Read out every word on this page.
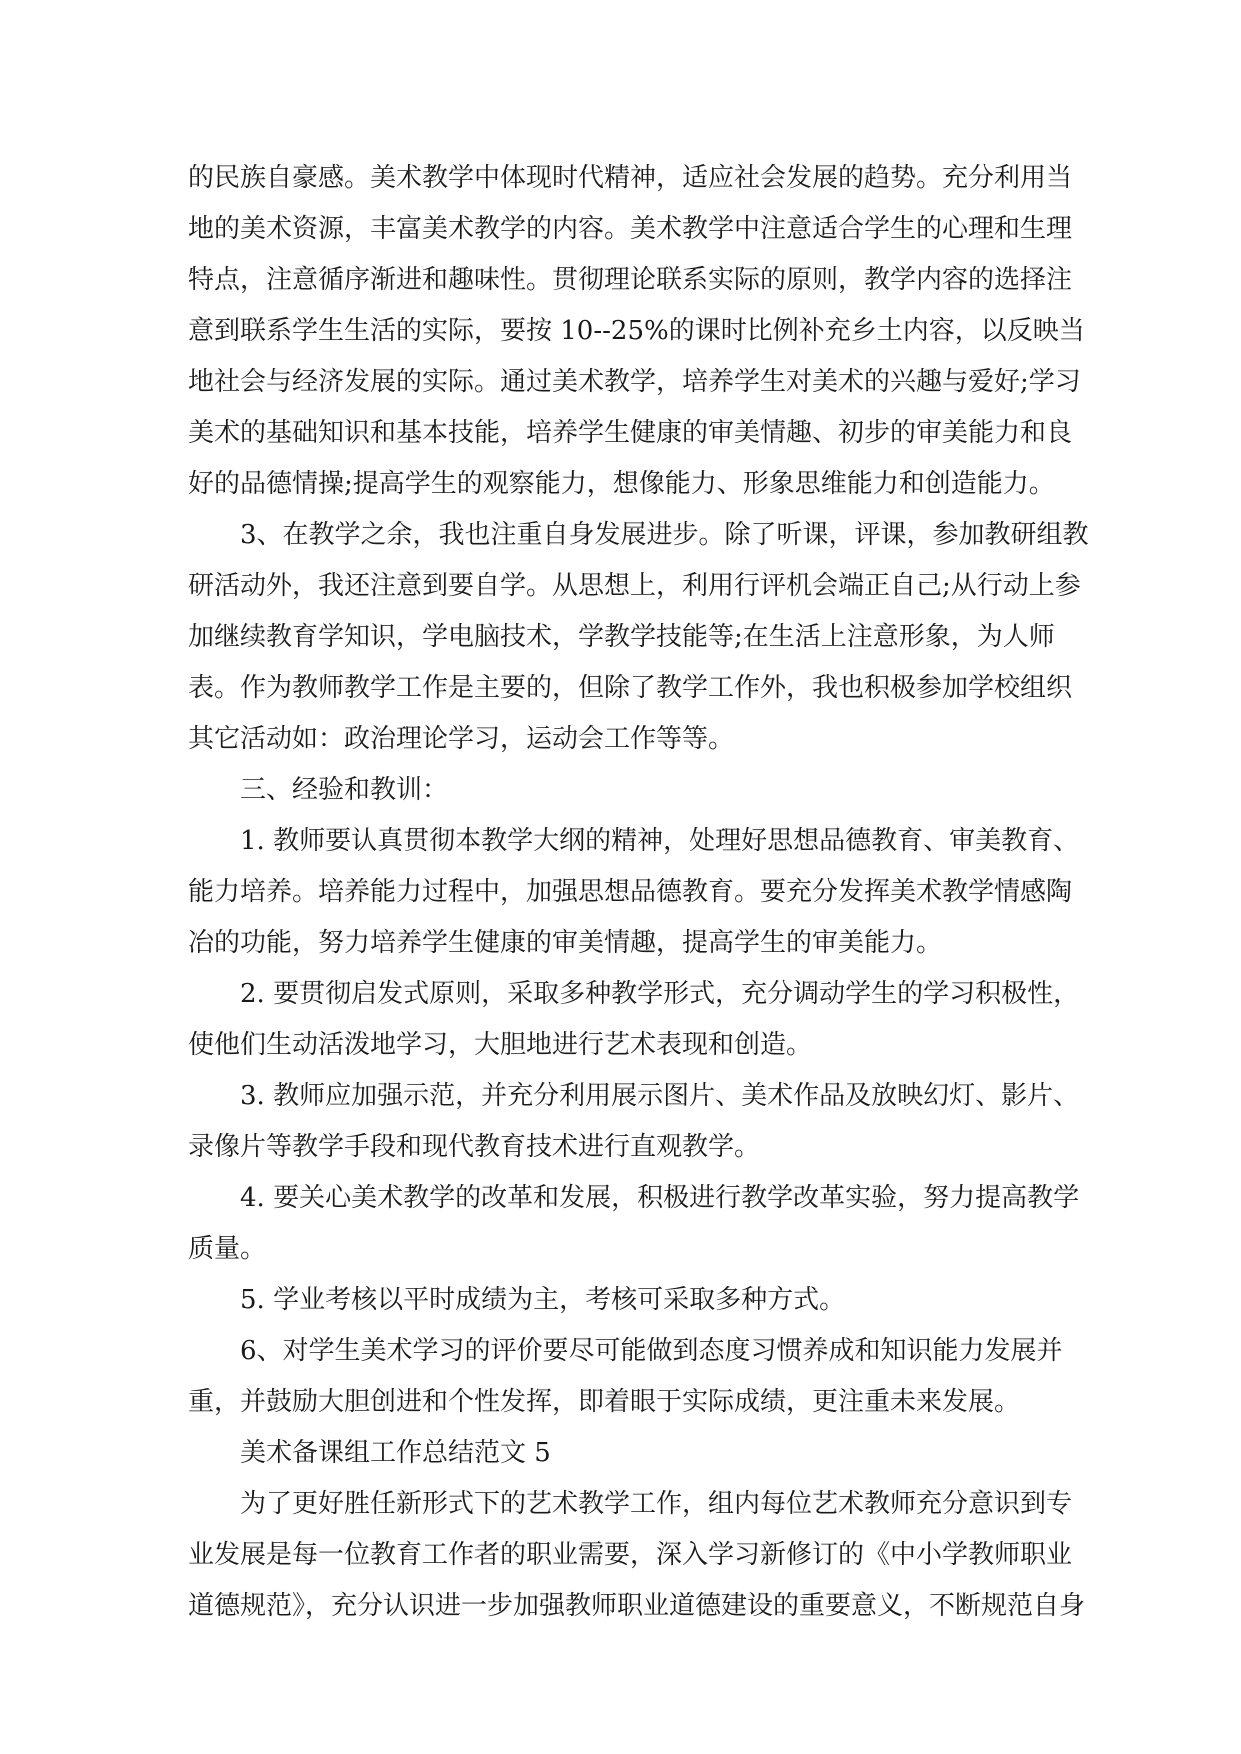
的民族自豪感。美术教学中体现时代精神，适应社会发展的趋势。充分利用当
地的美术资源，丰富美术教学的内容。美术教学中注意适合学生的心理和生理
特点，注意循序渐进和趣味性。贯彻理论联系实际的原则，教学内容的选择注
意到联系学生生活的实际，要按 10--25%的课时比例补充乡土内容，以反映当
地社会与经济发展的实际。通过美术教学，培养学生对美术的兴趣与爱好;学习
美术的基础知识和基本技能，培养学生健康的审美情趣、初步的审美能力和良
好的品德情操;提高学生的观察能力，想像能力、形象思维能力和创造能力。
3、在教学之余，我也注重自身发展进步。除了听课，评课，参加教研组教
研活动外，我还注意到要自学。从思想上，利用行评机会端正自己;从行动上参
加继续教育学知识，学电脑技术，学教学技能等;在生活上注意形象，为人师
表。作为教师教学工作是主要的，但除了教学工作外，我也积极参加学校组织
其它活动如：政治理论学习，运动会工作等等。
三、经验和教训：
1. 教师要认真贯彻本教学大纲的精神，处理好思想品德教育、审美教育、
能力培养。培养能力过程中，加强思想品德教育。要充分发挥美术教学情感陶
冶的功能，努力培养学生健康的审美情趣，提高学生的审美能力。
2. 要贯彻启发式原则，采取多种教学形式，充分调动学生的学习积极性，
使他们生动活泼地学习，大胆地进行艺术表现和创造。
3. 教师应加强示范，并充分利用展示图片、美术作品及放映幻灯、影片、
录像片等教学手段和现代教育技术进行直观教学。
4. 要关心美术教学的改革和发展，积极进行教学改革实验，努力提高教学
质量。
5. 学业考核以平时成绩为主，考核可采取多种方式。
6、对学生美术学习的评价要尽可能做到态度习惯养成和知识能力发展并
重，并鼓励大胆创进和个性发挥，即着眼于实际成绩，更注重未来发展。
美术备课组工作总结范文 5
为了更好胜任新形式下的艺术教学工作，组内每位艺术教师充分意识到专
业发展是每一位教育工作者的职业需要，深入学习新修订的《中小学教师职业
道德规范》，充分认识进一步加强教师职业道德建设的重要意义，不断规范自身
